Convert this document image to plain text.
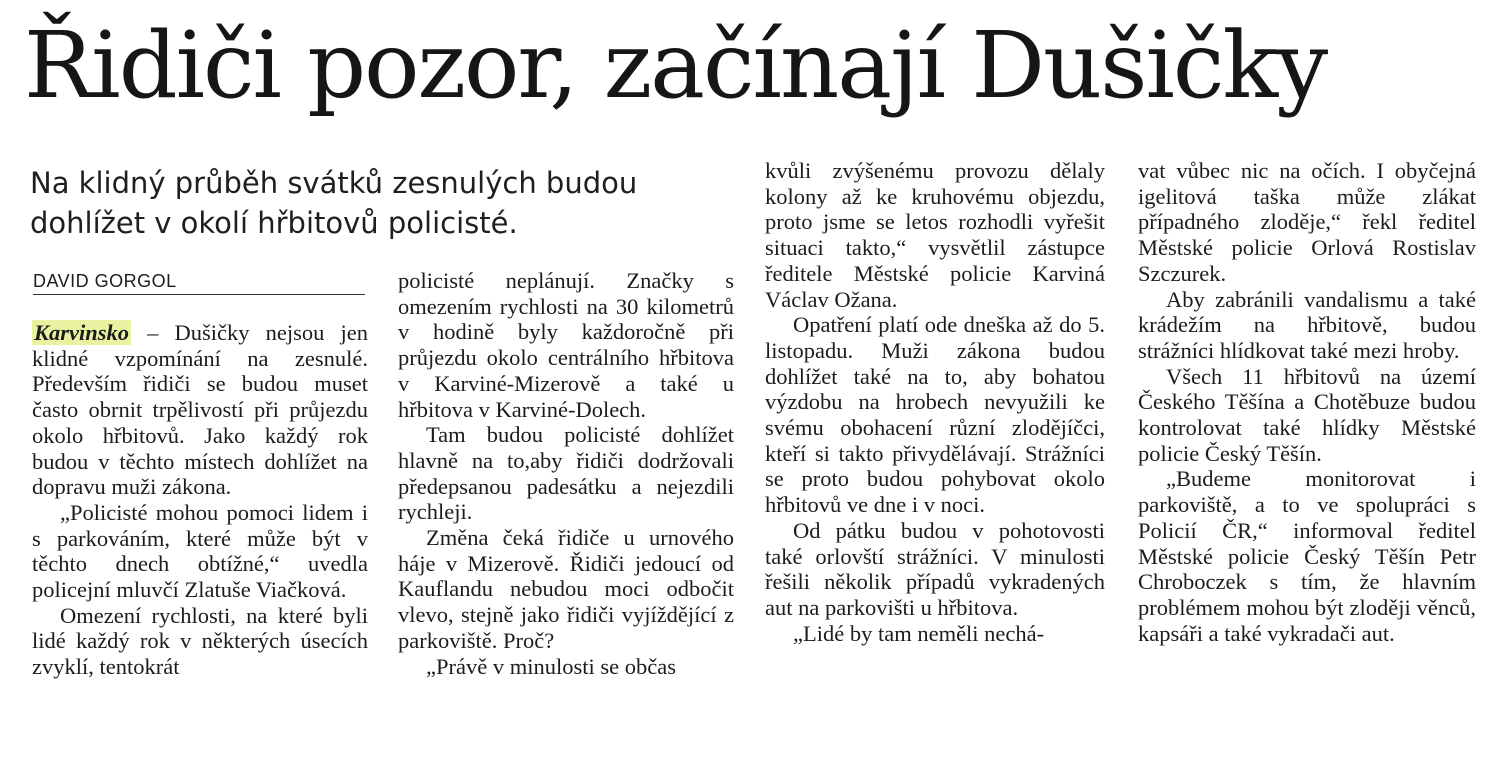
Řidiči pozor, začínají Dušičky

Na klidný průběh svátků zesnulých budou dohlížet v okolí hřbitovů policisté.

DAVID GORGOL

Karvinsko – Dušičky nejsou jen klidné vzpomínání na zesnulé. Především řidiči se budou muset často obrnit trpělivostí při průjezdu okolo hřbitovů. Jako každý rok budou v těchto místech dohlížet na dopravu muži zákona.

„Policisté mohou pomoci lidem i s parkováním, které může být v těchto dnech obtížné,“ uvedla policejní mluvčí Zlatuše Viačková.

Omezení rychlosti, na které byli lidé každý rok v některých úsecích zvyklí, tentokrát

policisté neplánují. Značky s omezením rychlosti na 30 kilometrů v hodině byly každoročně při průjezdu okolo centrálního hřbitova v Karviné-Mizerově a také u hřbitova v Karviné-Dolech.

Tam budou policisté dohlížet hlavně na to,aby řidiči dodržovali předepsanou padesátku a nejezdili rychleji.

Změna čeká řidiče u urnového háje v Mizerově. Řidiči jedoucí od Kauflandu nebudou moci odbočit vlevo, stejně jako řidiči vyjíždějící z parkoviště. Proč?

„Právě v minulosti se občas

kvůli zvýšenému provozu dělaly kolony až ke kruhovému objezdu, proto jsme se letos rozhodli vyřešit situaci takto,“ vysvětlil zástupce ředitele Městské policie Karviná Václav Ožana.

Opatření platí ode dneška až do 5. listopadu. Muži zákona budou dohlížet také na to, aby bohatou výzdobu na hrobech nevyužili ke svému obohacení různí zlodějíčci, kteří si takto přivydělávají. Strážníci se proto budou pohybovat okolo hřbitovů ve dne i v noci.

Od pátku budou v pohotovosti také orlovští strážníci. V minulosti řešili několik případů vykradených aut na parkovišti u hřbitova.

„Lidé by tam neměli nechá-

vat vůbec nic na očích. I obyčejná igelitová taška může zlákat případného zloděje,“ řekl ředitel Městské policie Orlová Rostislav Szczurek.

Aby zabránili vandalismu a také krádežím na hřbitově, budou strážníci hlídkovat také mezi hroby.

Všech 11 hřbitovů na území Českého Těšína a Chotěbuze budou kontrolovat také hlídky Městské policie Český Těšín.

„Budeme monitorovat i parkoviště, a to ve spolupráci s Policií ČR,“ informoval ředitel Městské policie Český Těšín Petr Chroboczek s tím, že hlavním problémem mohou být zloději věnců, kapsáři a také vykradači aut.
